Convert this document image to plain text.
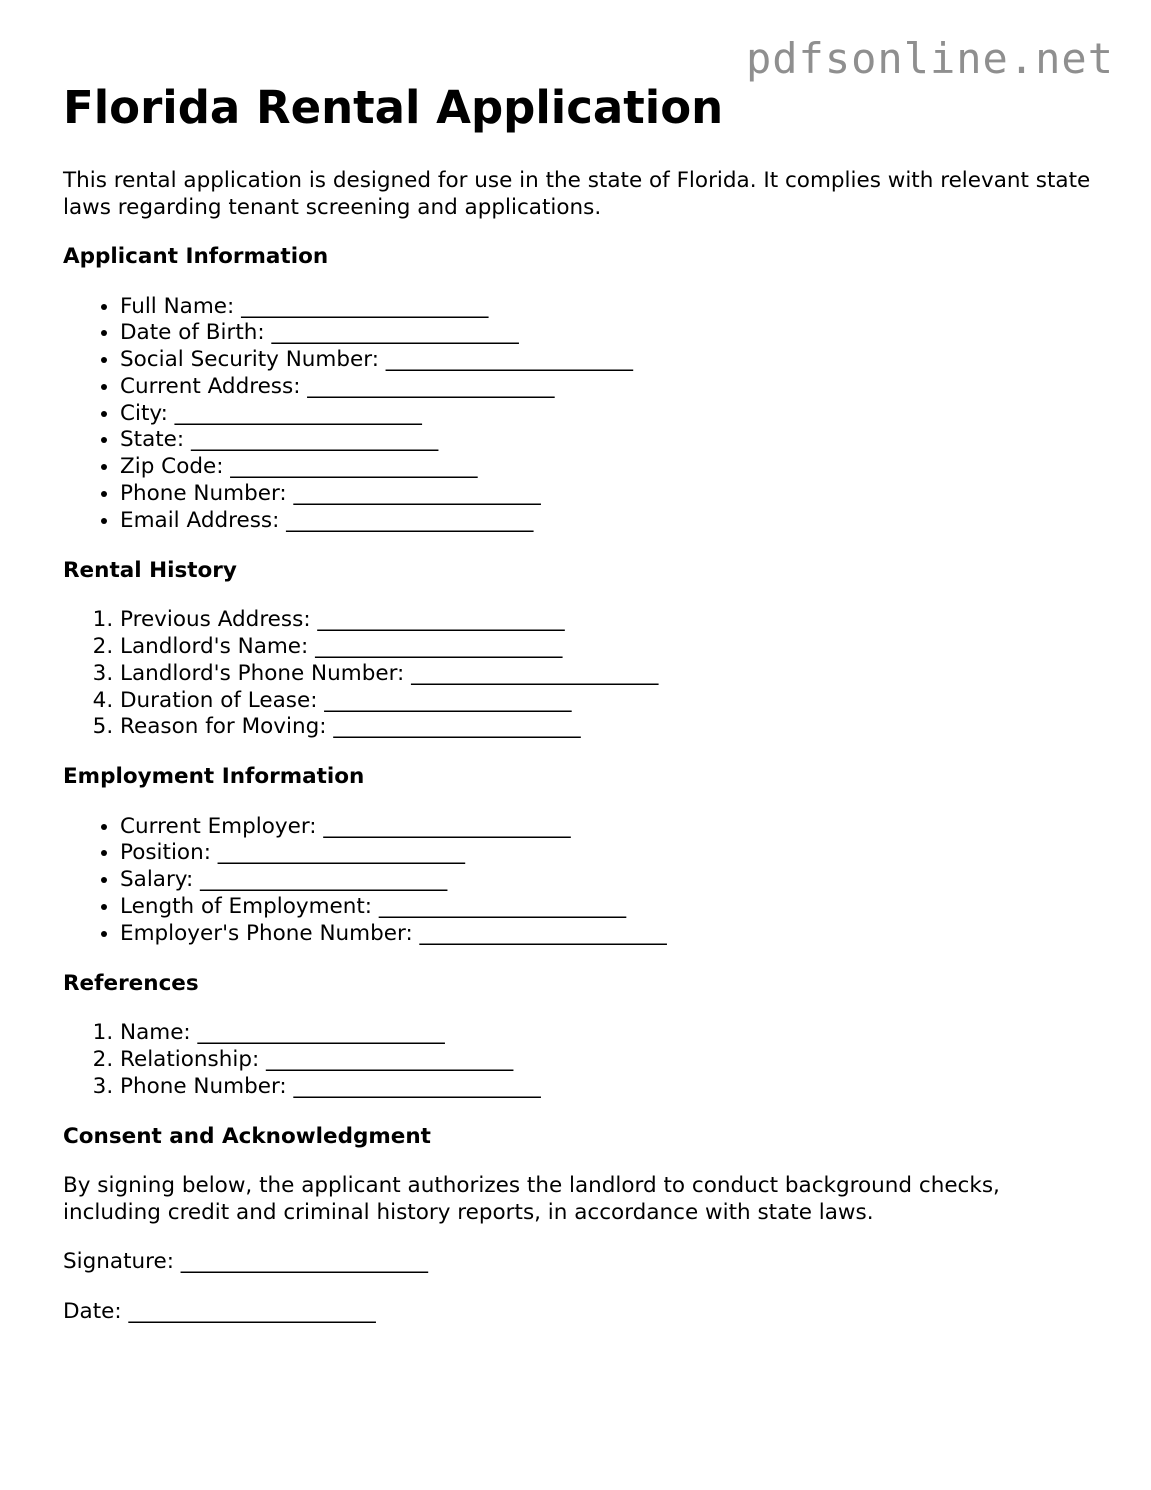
pdfsonline.net
Florida Rental Application

This rental application is designed for use in the state of Florida. It complies with relevant state laws regarding tenant screening and applications.

Applicant Information
• Full Name: _______________________
• Date of Birth: _______________________
• Social Security Number: _______________________
• Current Address: _______________________
• City: _______________________
• State: _______________________
• Zip Code: _______________________
• Phone Number: _______________________
• Email Address: _______________________
Rental History
1. Previous Address: _______________________
2. Landlord's Name: _______________________
3. Landlord's Phone Number: _______________________
4. Duration of Lease: _______________________
5. Reason for Moving: _______________________
Employment Information
• Current Employer: _______________________
• Position: _______________________
• Salary: _______________________
• Length of Employment: _______________________
• Employer's Phone Number: _______________________
References
1. Name: _______________________
2. Relationship: _______________________
3. Phone Number: _______________________
Consent and Acknowledgment

By signing below, the applicant authorizes the landlord to conduct background checks, including credit and criminal history reports, in accordance with state laws.

Signature: _______________________

Date: _______________________
